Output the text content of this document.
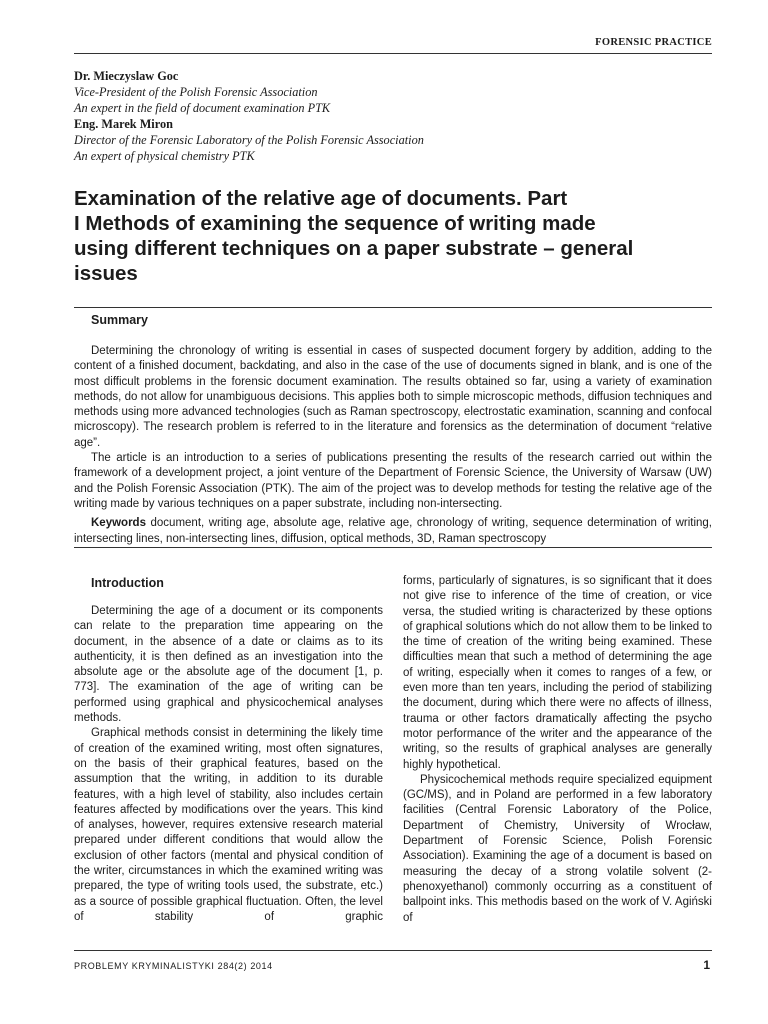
FORENSIC PRACTICE
Dr. Mieczyslaw Goc
Vice-President of the Polish Forensic Association
An expert in the field of document examination PTK
Eng. Marek Miron
Director of the Forensic Laboratory of the Polish Forensic Association
An expert of physical chemistry PTK
Examination of the relative age of documents. Part
I Methods of examining the sequence of writing made
using different techniques on a paper substrate – general
issues
Summary

Determining the chronology of writing is essential in cases of suspected document forgery by addition, adding to the content of a finished document, backdating, and also in the case of the use of documents signed in blank, and is one of the most difficult problems in the forensic document examination. The results obtained so far, using a variety of examination methods, do not allow for unambiguous decisions. This applies both to simple microscopic methods, diffusion techniques and methods using more advanced technologies (such as Raman spectroscopy, electrostatic examination, scanning and confocal microscopy). The research problem is referred to in the literature and forensics as the determination of document “relative age”.

The article is an introduction to a series of publications presenting the results of the research carried out within the framework of a development project, a joint venture of the Department of Forensic Science, the University of Warsaw (UW) and the Polish Forensic Association (PTK). The aim of the project was to develop methods for testing the relative age of the writing made by various techniques on a paper substrate, including non-intersecting.

Keywords document, writing age, absolute age, relative age, chronology of writing, sequence determination of writing, intersecting lines, non-intersecting lines, diffusion, optical methods, 3D, Raman spectroscopy

Introduction

Determining the age of a document or its components can relate to the preparation time appearing on the document, in the absence of a date or claims as to its authenticity, it is then defined as an investigation into the absolute age or the absolute age of the document [1, p. 773]. The examination of the age of writing can be performed using graphical and physicochemical analyses methods.

Graphical methods consist in determining the likely time of creation of the examined writing, most often signatures, on the basis of their graphical features, based on the assumption that the writing, in addition to its durable features, with a high level of stability, also includes certain features affected by modifications over the years. This kind of analyses, however, requires extensive research material prepared under different conditions that would allow the exclusion of other factors (mental and physical condition of the writer, circumstances in which the examined writing was prepared, the type of writing tools used, the substrate, etc.) as a source of possible graphical fluctuation. Often, the level of stability of graphic

forms, particularly of signatures, is so significant that it does not give rise to inference of the time of creation, or vice versa, the studied writing is characterized by these options of graphical solutions which do not allow them to be linked to the time of creation of the writing being examined. These difficulties mean that such a method of determining the age of writing, especially when it comes to ranges of a few, or even more than ten years, including the period of stabilizing the document, during which there were no affects of illness, trauma or other factors dramatically affecting the psycho motor performance of the writer and the appearance of the writing, so the results of graphical analyses are generally highly hypothetical.

Physicochemical methods require specialized equipment (GC/MS), and in Poland are performed in a few laboratory facilities (Central Forensic Laboratory of the Police, Department of Chemistry, University of Wrocław, Department of Forensic Science, Polish Forensic Association). Examining the age of a document is based on measuring the decay of a strong volatile solvent (2-phenoxyethanol) commonly occurring as a constituent of ballpoint inks. This methodis based on the work of V. Agiński of

PROBLEMY KRYMINALISTYKI 284(2) 2014	1
